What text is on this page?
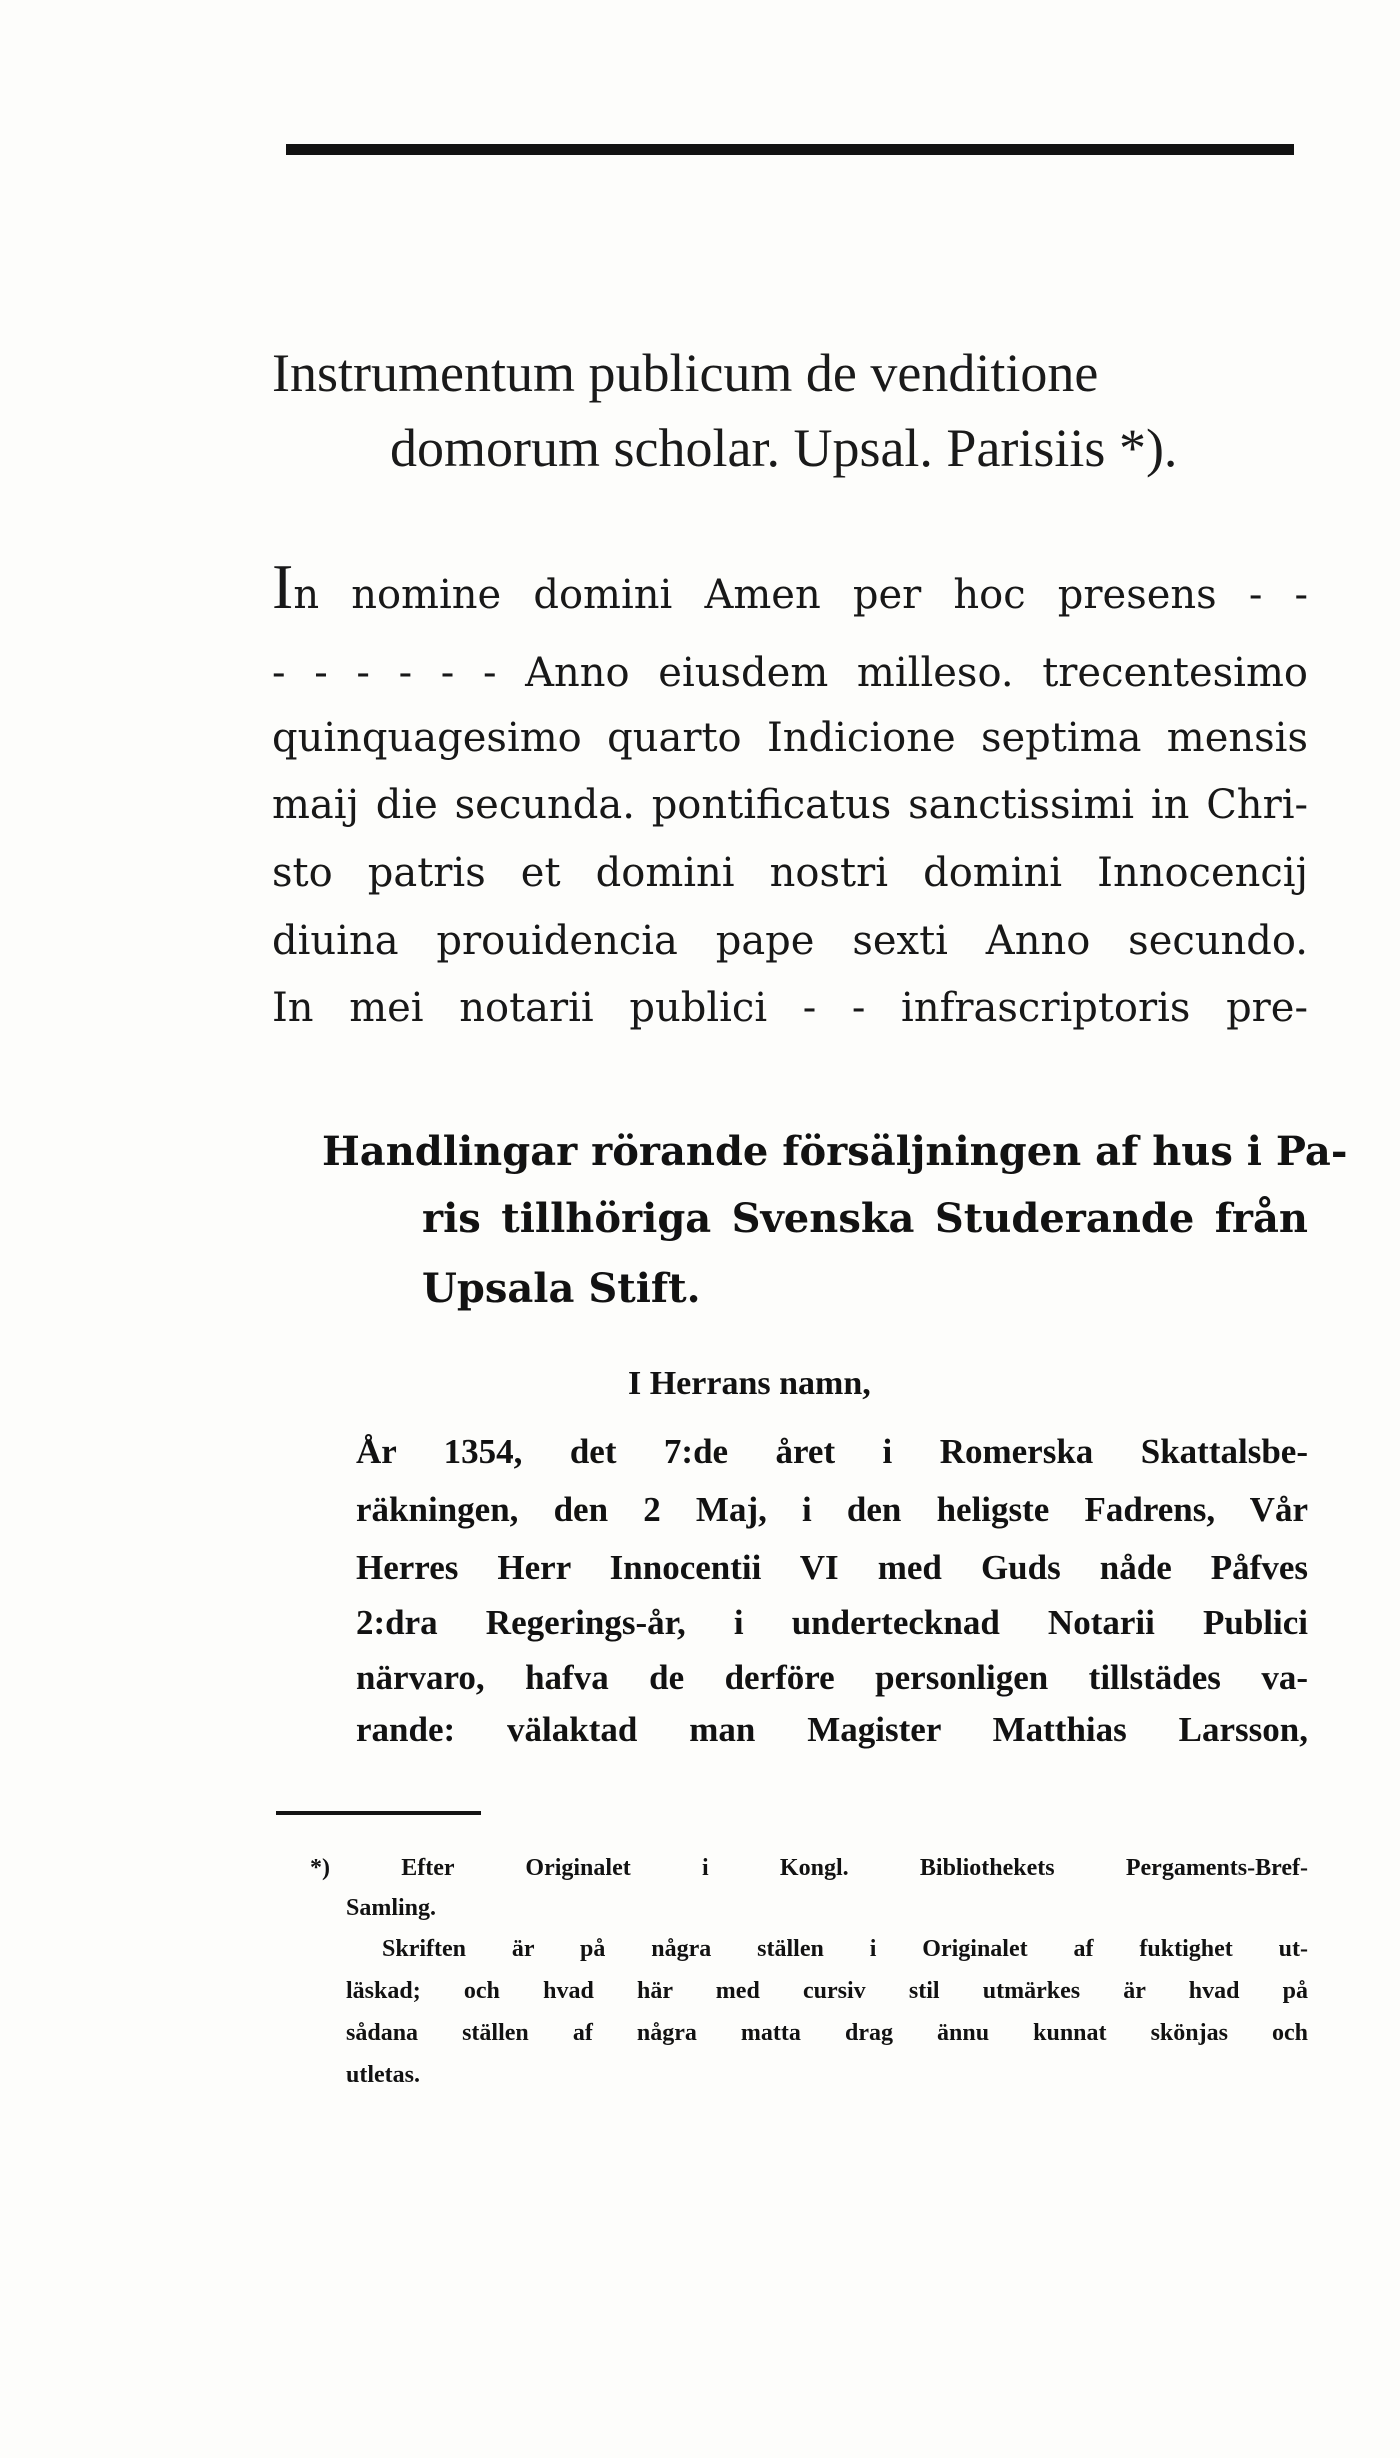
Instrumentum publicum de venditione
domorum scholar. Upsal. Parisiis *).
In nomine domini Amen per hoc presens - -
- - - - - - Anno eiusdem milleso. trecentesimo
quinquagesimo quarto Indicione septima mensis
maij die secunda. pontificatus sanctissimi in Chri-
sto patris et domini nostri domini Innocencij
diuina prouidencia pape sexti Anno secundo.
In mei notarii publici - - infrascriptoris pre-
Handlingar rörande försäljningen af hus i Pa-
ris tillhöriga Svenska Studerande från
Upsala Stift.
I Herrans namn,
År 1354, det 7:de året i Romerska Skattalsbe-
räkningen, den 2 Maj, i den heligste Fadrens, Vår
Herres Herr Innocentii VI med Guds nåde Påfves
2:dra Regerings-år, i undertecknad Notarii Publici
närvaro, hafva de derföre personligen tillstädes va-
rande: välaktad man Magister Matthias Larsson,
*) Efter Originalet i Kongl. Bibliothekets Pergaments-Bref-
Samling.
Skriften är på några ställen i Originalet af fuktighet ut-
läskad; och hvad här med cursiv stil utmärkes är hvad på
sådana ställen af några matta drag ännu kunnat skönjas och
utletas.
